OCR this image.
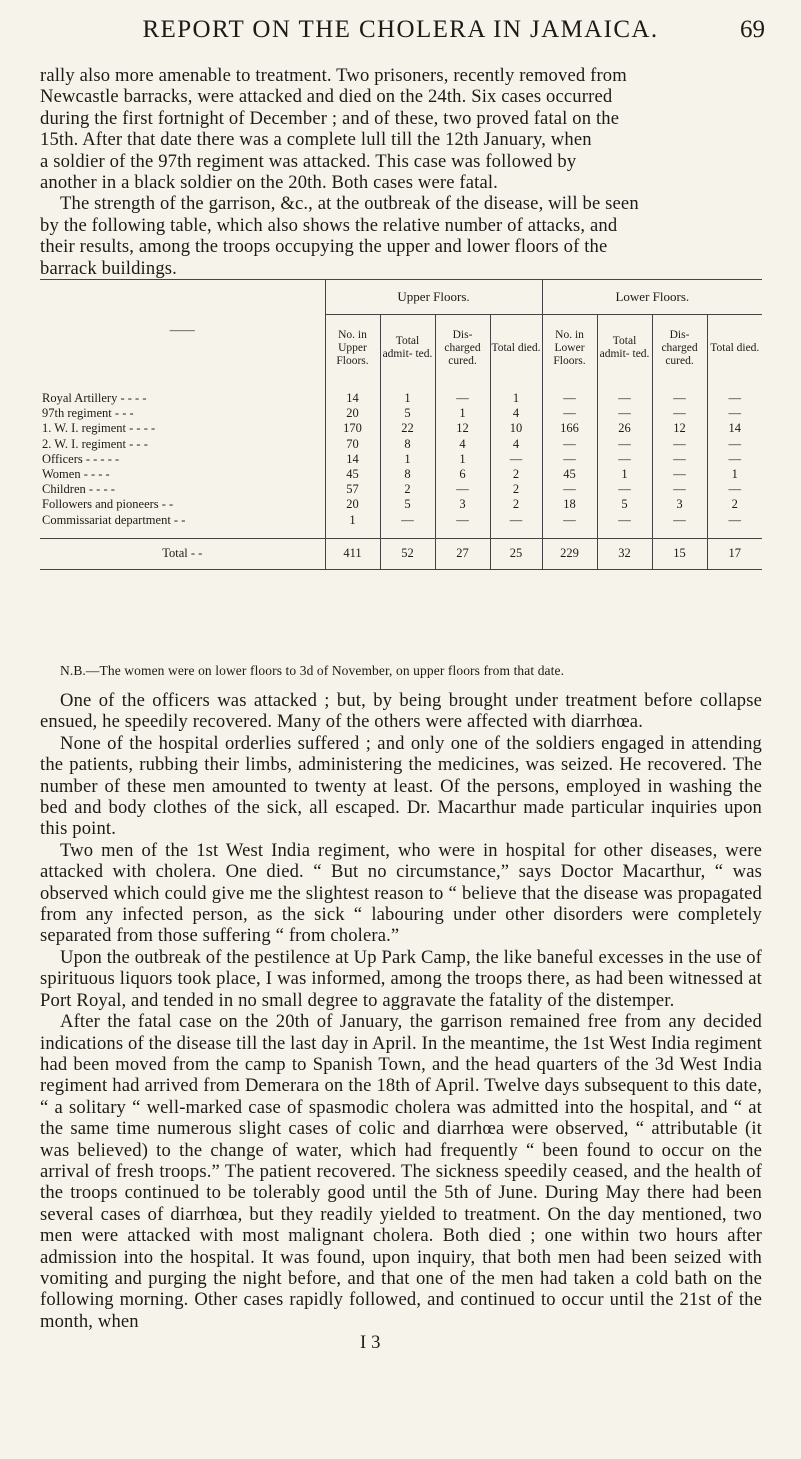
REPORT ON THE CHOLERA IN JAMAICA.	69

rally also more amenable to treatment. Two prisoners, recently removed from

Newcastle barracks, were attacked and died on the 24th. Six cases occurred

during the first fortnight of December ; and of these, two proved fatal on the

15th. After that date there was a complete lull till the 12th January, when

a soldier of the 97th regiment was attacked. This case was followed by

another in a black soldier on the 20th. Both cases were fatal.

The strength of the garrison, &c., at the outbreak of the disease, will be seen

by the following table, which also shows the relative number of attacks, and

their results, among the troops occupying the upper and lower floors of the

barrack buildings.

——	Upper Floors.				Lower Floors.			
	No. in Upper Floors.	Total admit- ted.	Dis- charged cured.	Total died.	No. in Lower Floors.	Total admit- ted.	Dis- charged cured.	Total died.

Royal Artillery - - - -	14	1	—	1	—	—	—	—
97th regiment - - -	20	5	1	4	—	—	—	—
1. W. I. regiment - - - -	170	22	12	10	166	26	12	14
2. W. I. regiment - - -	70	8	4	4	—	—	—	—
Officers - - - - -	14	1	1	—	—	—	—	—
Women - - - -	45	8	6	2	45	1	—	1
Children - - - -	57	2	—	2	—	—	—	—
Followers and pioneers - -	20	5	3	2	18	5	3	2
Commissariat department - -	1	—	—	—	—	—	—	—

Total - -	411	52	27	25	229	32	15	17
N.B.—The women were on lower floors to 3d of November, on upper floors from that date.

One of the officers was attacked ; but, by being brought under treatment before collapse ensued, he speedily recovered. Many of the others were affected with diarrhœa.

None of the hospital orderlies suffered ; and only one of the soldiers engaged in attending the patients, rubbing their limbs, administering the medicines, was seized. He recovered. The number of these men amounted to twenty at least. Of the persons, employed in washing the bed and body clothes of the sick, all escaped. Dr. Macarthur made particular inquiries upon this point.

Two men of the 1st West India regiment, who were in hospital for other diseases, were attacked with cholera. One died. “ But no circumstance,” says Doctor Macarthur, “ was observed which could give me the slightest reason to “ believe that the disease was propagated from any infected person, as the sick “ labouring under other disorders were completely separated from those suffering “ from cholera.”

Upon the outbreak of the pestilence at Up Park Camp, the like baneful excesses in the use of spirituous liquors took place, I was informed, among the troops there, as had been witnessed at Port Royal, and tended in no small degree to aggravate the fatality of the distemper.

After the fatal case on the 20th of January, the garrison remained free from any decided indications of the disease till the last day in April. In the meantime, the 1st West India regiment had been moved from the camp to Spanish Town, and the head quarters of the 3d West India regiment had arrived from Demerara on the 18th of April. Twelve days subsequent to this date, “ a solitary “ well-marked case of spasmodic cholera was admitted into the hospital, and “ at the same time numerous slight cases of colic and diarrhœa were observed, “ attributable (it was believed) to the change of water, which had frequently “ been found to occur on the arrival of fresh troops.” The patient recovered. The sickness speedily ceased, and the health of the troops continued to be tolerably good until the 5th of June. During May there had been several cases of diarrhœa, but they readily yielded to treatment. On the day mentioned, two men were attacked with most malignant cholera. Both died ; one within two hours after admission into the hospital. It was found, upon inquiry, that both men had been seized with vomiting and purging the night before, and that one of the men had taken a cold bath on the following morning. Other cases rapidly followed, and continued to occur until the 21st of the month, when

I 3
